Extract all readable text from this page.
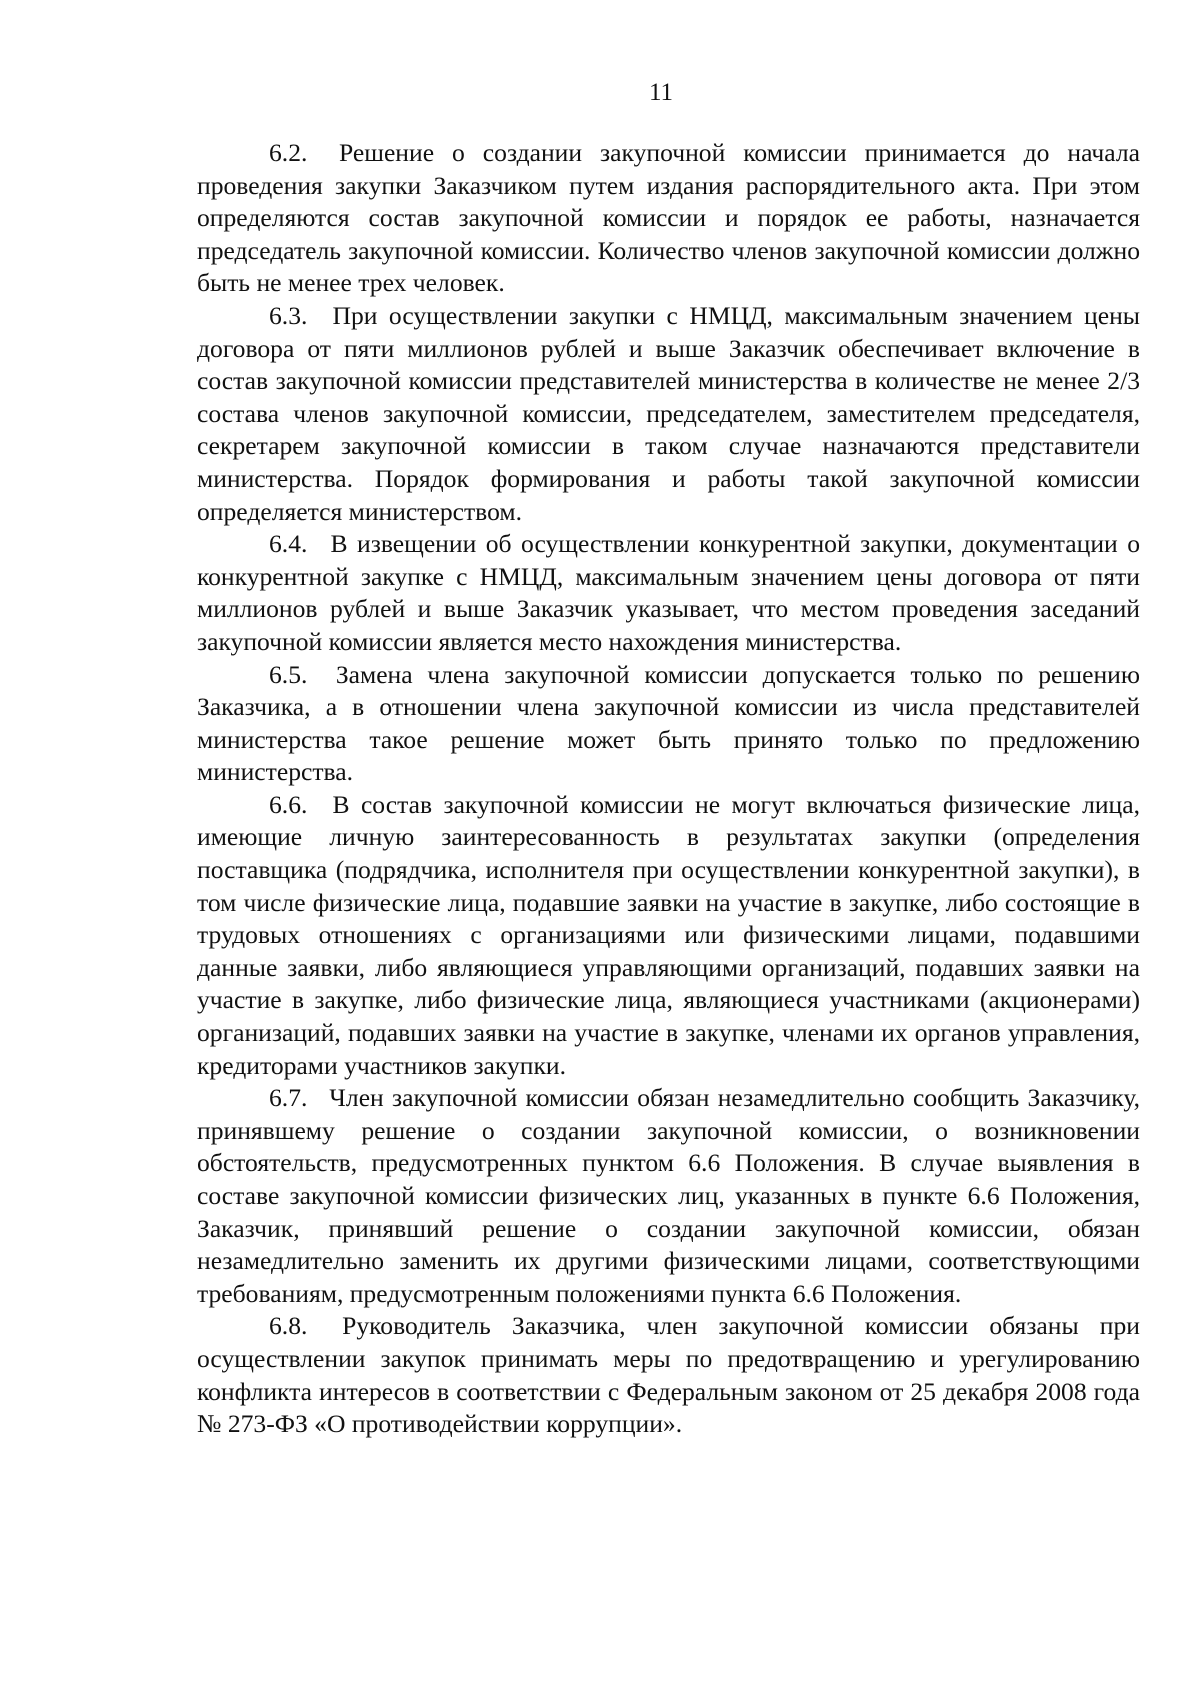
11

6.2. Решение о создании закупочной комиссии принимается до начала проведения закупки Заказчиком путем издания распорядительного акта. При этом определяются состав закупочной комиссии и порядок ее работы, назначается председатель закупочной комиссии. Количество членов закупочной комиссии должно быть не менее трех человек.

6.3. При осуществлении закупки с НМЦД, максимальным значением цены договора от пяти миллионов рублей и выше Заказчик обеспечивает включение в состав закупочной комиссии представителей министерства в количестве не менее 2/3 состава членов закупочной комиссии, председателем, заместителем председателя, секретарем закупочной комиссии в таком случае назначаются представители министерства. Порядок формирования и работы такой закупочной комиссии определяется министерством.

6.4. В извещении об осуществлении конкурентной закупки, документации о конкурентной закупке с НМЦД, максимальным значением цены договора от пяти миллионов рублей и выше Заказчик указывает, что местом проведения заседаний закупочной комиссии является место нахождения министерства.

6.5. Замена члена закупочной комиссии допускается только по решению Заказчика, а в отношении члена закупочной комиссии из числа представителей министерства такое решение может быть принято только по предложению министерства.

6.6. В состав закупочной комиссии не могут включаться физические лица, имеющие личную заинтересованность в результатах закупки (определения поставщика (подрядчика, исполнителя при осуществлении конкурентной закупки), в том числе физические лица, подавшие заявки на участие в закупке, либо состоящие в трудовых отношениях с организациями или физическими лицами, подавшими данные заявки, либо являющиеся управляющими организаций, подавших заявки на участие в закупке, либо физические лица, являющиеся участниками (акционерами) организаций, подавших заявки на участие в закупке, членами их органов управления, кредиторами участников закупки.

6.7. Член закупочной комиссии обязан незамедлительно сообщить Заказчику, принявшему решение о создании закупочной комиссии, о возникновении обстоятельств, предусмотренных пунктом 6.6 Положения. В случае выявления в составе закупочной комиссии физических лиц, указанных в пункте 6.6 Положения, Заказчик, принявший решение о создании закупочной комиссии, обязан незамедлительно заменить их другими физическими лицами, соответствующими требованиям, предусмотренным положениями пункта 6.6 Положения.

6.8. Руководитель Заказчика, член закупочной комиссии обязаны при осуществлении закупок принимать меры по предотвращению и урегулированию конфликта интересов в соответствии с Федеральным законом от 25 декабря 2008 года № 273-ФЗ «О противодействии коррупции».
